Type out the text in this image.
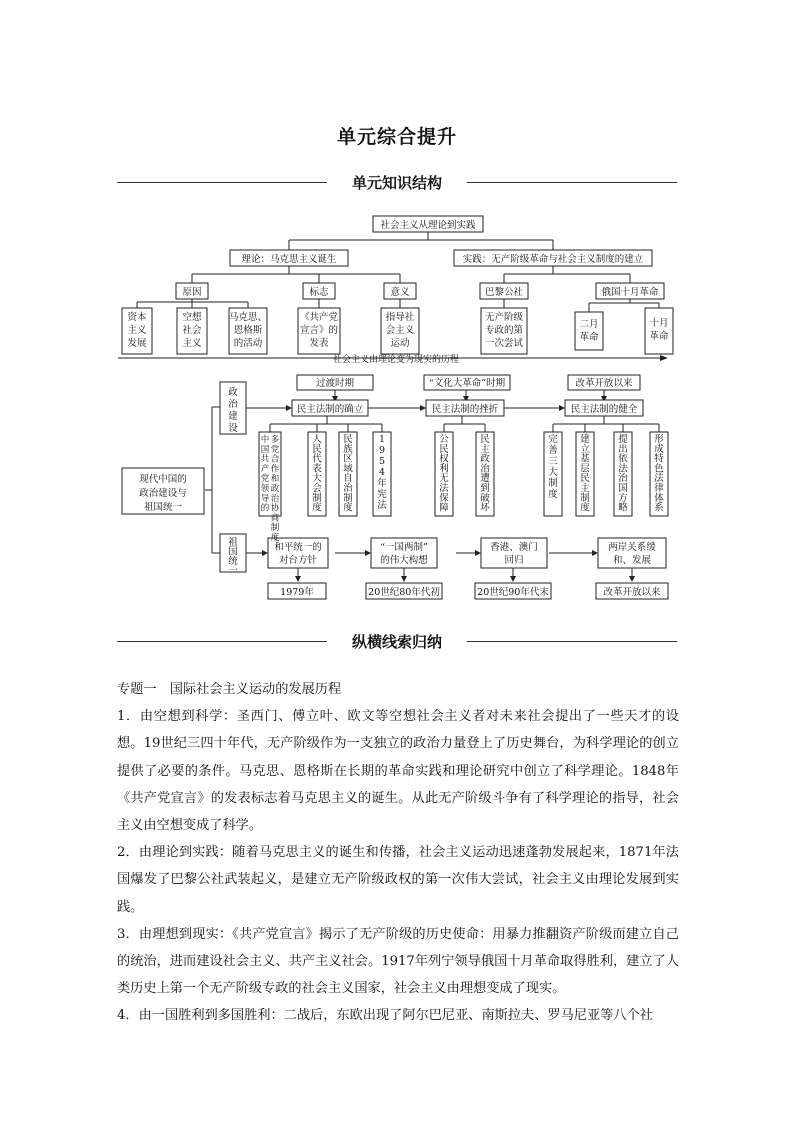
单元综合提升
单元知识结构
社会主义从理论到实践
理论：马克思主义诞生	实践：无产阶级革命与社会主义制度的建立
原因	标志	意义	巴黎公社	俄国十月革命
社会主义由理论变为现实的历程
过渡时期	“文化大革命”时期	改革开放以来
民主法制的确立	民主法制的挫折	民主法制的健全
1979年	20世纪80年代初	20世纪90年代末	改革开放以来
资本
主义
发展
空想
社会
主义
马克思、
恩格斯
的活动
《共产党
宣言》的
发表
指导社
会主义
运动
无产阶级
专政的第
一次尝试
二月
革命
十月
革命
现代中国的
政治建设与
祖国统一
和平统一的
对台方针
“一国两制”
的伟大构想
香港、澳门
回归
两岸关系缓
和、发展
政
治
建
设
祖
国
统
一
中
国
共
产
党
领
导
的
多
党
合
作
和
政
治
协
商
制
度
人
民
代
表
大
会
制
度
民
族
区
域
自
治
制
度
1
9
5
4
年
宪
法
公
民
权
利
无
法
保
障
民
主
政
治
遭
到
破
坏
完
善
三
大
制
度
建
立
基
层
民
主
制
度
提
出
依
法
治
国
方
略
形
成
特
色
法
律
体
系
纵横线索归纳

专题一　国际社会主义运动的发展历程

1．由空想到科学：圣西门、傅立叶、欧文等空想社会主义者对未来社会提出了一些天才的设想。19世纪三四十年代，无产阶级作为一支独立的政治力量登上了历史舞台，为科学理论的创立提供了必要的条件。马克思、恩格斯在长期的革命实践和理论研究中创立了科学理论。1848年《共产党宣言》的发表标志着马克思主义的诞生。从此无产阶级斗争有了科学理论的指导，社会主义由空想变成了科学。

2．由理论到实践：随着马克思主义的诞生和传播，社会主义运动迅速蓬勃发展起来，1871年法国爆发了巴黎公社武装起义，是建立无产阶级政权的第一次伟大尝试，社会主义由理论发展到实践。

3．由理想到现实：《共产党宣言》揭示了无产阶级的历史使命：用暴力推翻资产阶级而建立自己的统治，进而建设社会主义、共产主义社会。1917年列宁领导俄国十月革命取得胜利，建立了人类历史上第一个无产阶级专政的社会主义国家，社会主义由理想变成了现实。

4．由一国胜利到多国胜利：二战后，东欧出现了阿尔巴尼亚、南斯拉夫、罗马尼亚等八个社
